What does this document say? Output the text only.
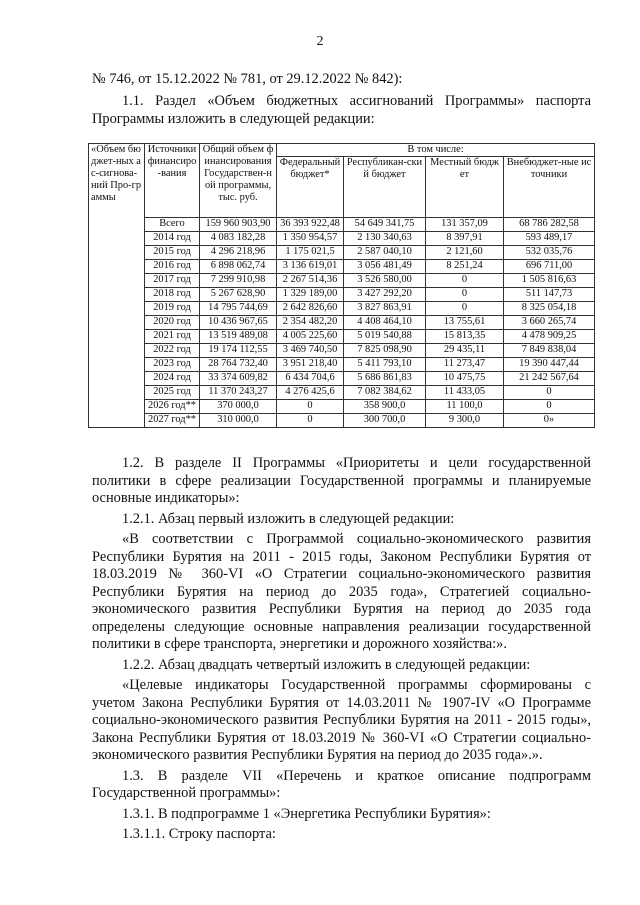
2

№ 746, от 15.12.2022 № 781, от 29.12.2022 № 842):

1.1. Раздел «Объем бюджетных ассигнований Программы» паспорта Программы изложить в следующей редакции:

«Объем бюджет-ных ас-сигнова-ний Про-граммы	Источники финансиро-вания	Общий объем финансирования Государствен-ной программы, тыс. руб.	В том числе:			
			Федеральный бюджет*	Республикан-ский бюджет	Местный бюджет	Внебюджет-ные источники
	Всего	159 960 903,90	36 393 922,48	54 649 341,75	131 357,09	68 786 282,58
	2014 год	4 083 182,28	1 350 954,57	2 130 340,63	8 397,91	593 489,17
	2015 год	4 296 218,96	1 175 021,5	2 587 040,10	2 121,60	532 035,76
	2016 год	6 898 062,74	3 136 619,01	3 056 481,49	8 251,24	696 711,00
	2017 год	7 299 910,98	2 267 514,36	3 526 580,00	0	1 505 816,63
	2018 год	5 267 628,90	1 329 189,00	3 427 292,20	0	511 147,73
	2019 год	14 795 744,69	2 642 826,60	3 827 863,91	0	8 325 054,18
	2020 год	10 436 967,65	2 354 482,20	4 408 464,10	13 755,61	3 660 265,74
	2021 год	13 519 489,08	4 005 225,60	5 019 540,88	15 813,35	4 478 909,25
	2022 год	19 174 112,55	3 469 740,50	7 825 098,90	29 435,11	7 849 838,04
	2023 год	28 764 732,40	3 951 218,40	5 411 793,10	11 273,47	19 390 447,44
	2024 год	33 374 609,82	6 434 704,6	5 686 861,83	10 475,75	21 242 567,64
	2025 год	11 370 243,27	4 276 425,6	7 082 384,62	11 433,05	0
	2026 год**	370 000,0	0	358 900,0	11 100,0	0
	2027 год**	310 000,0	0	300 700,0	9 300,0	0»

1.2. В разделе II Программы «Приоритеты и цели государственной политики в сфере реализации Государственной программы и планируемые основные индикаторы»:

1.2.1. Абзац первый изложить в следующей редакции:

«В соответствии с Программой социально-экономического развития Республики Бурятия на 2011 - 2015 годы, Законом Республики Бурятия от 18.03.2019 № 360-VI «О Стратегии социально-экономического развития Республики Бурятия на период до 2035 года», Стратегией социально-экономического развития Республики Бурятия на период до 2035 года определены следующие основные направления реализации государственной политики в сфере транспорта, энергетики и дорожного хозяйства:».

1.2.2. Абзац двадцать четвертый изложить в следующей редакции:

«Целевые индикаторы Государственной программы сформированы с учетом Закона Республики Бурятия от 14.03.2011 № 1907-IV «О Программе социально-экономического развития Республики Бурятия на 2011 - 2015 годы», Закона Республики Бурятия от 18.03.2019 № 360-VI «О Стратегии социально-экономического развития Республики Бурятия на период до 2035 года».».

1.3. В разделе VII «Перечень и краткое описание подпрограмм Государственной программы»:

1.3.1. В подпрограмме 1 «Энергетика Республики Бурятия»:

1.3.1.1. Строку паспорта:
